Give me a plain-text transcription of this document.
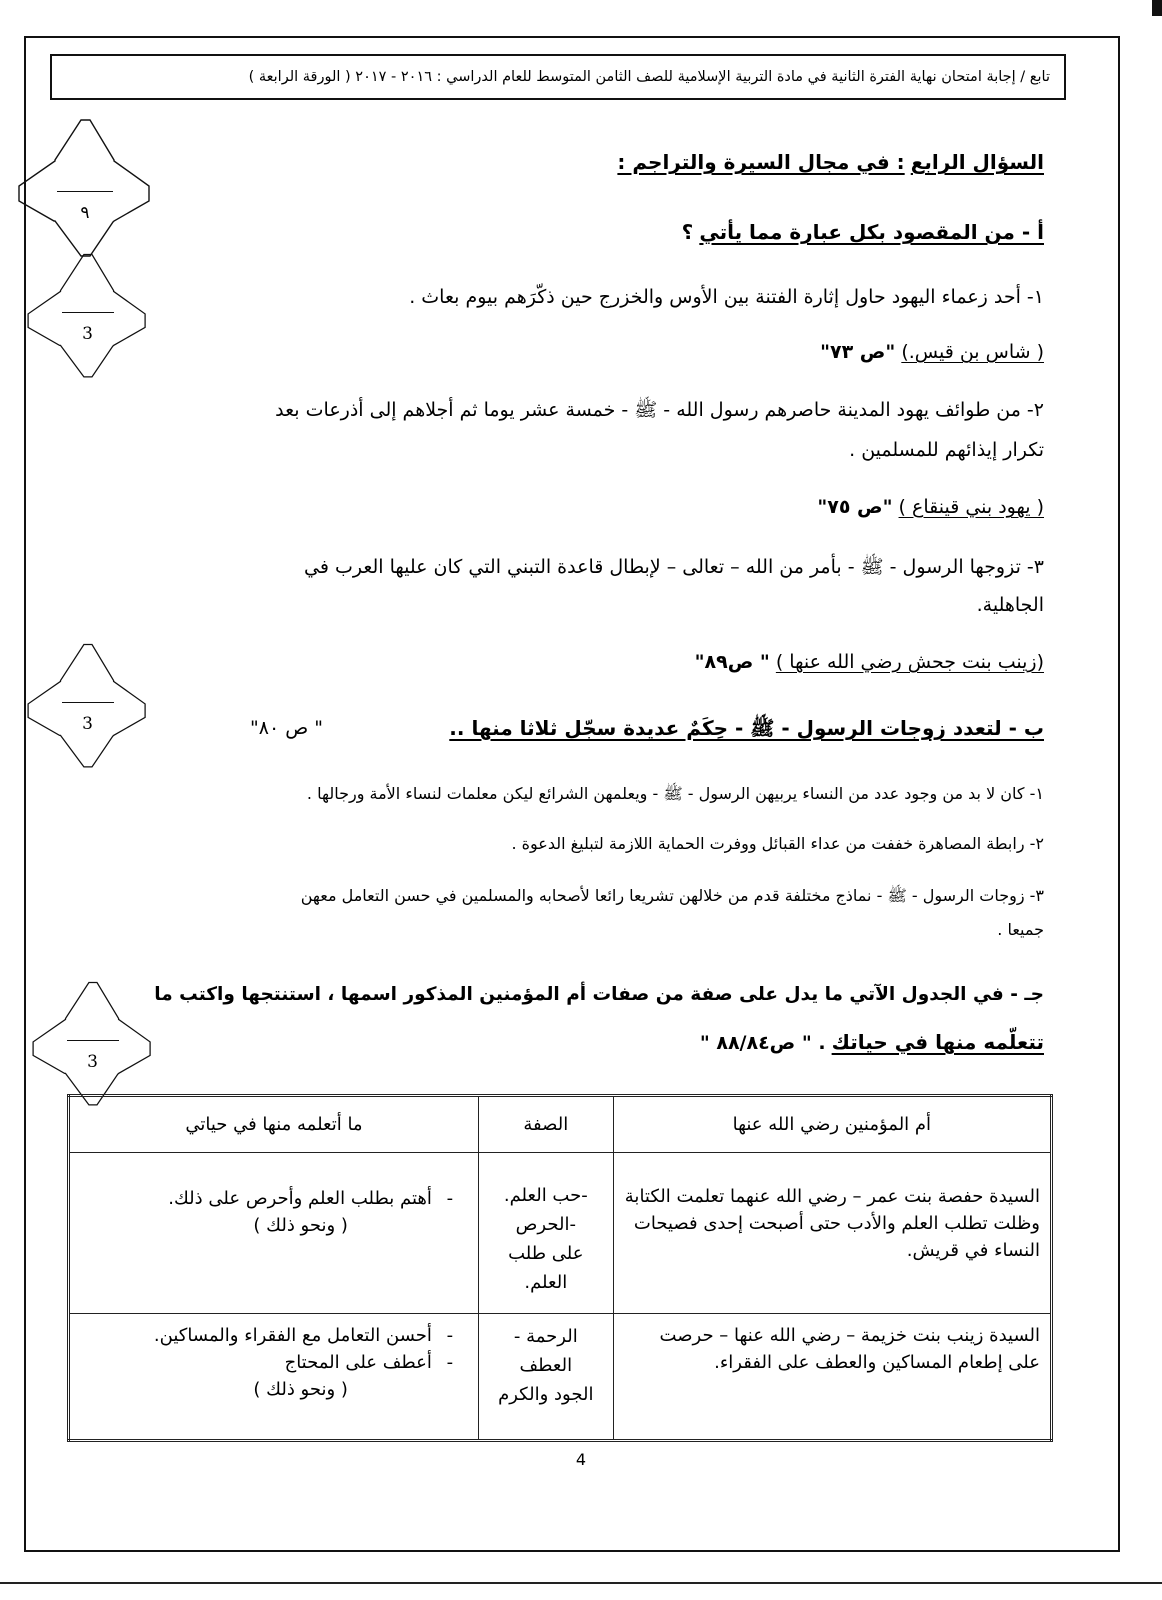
تابع / إجابة امتحان نهاية الفترة الثانية في مادة التربية الإسلامية للصف الثامن المتوسط للعام الدراسي : ٢٠١٦ - ٢٠١٧ ( الورقة الرابعة )
٩
3
3
3
السؤال الرابع : في مجال السيرة والتراجم :
أ - من المقصود بكل عبارة مما يأتي ؟
١- أحد زعماء اليهود حاول إثارة الفتنة بين الأوس والخزرج حين ذكّرَهم بيوم بعاث .
( شاس بن قيس.) "ص ٧٣"
٢- من طوائف يهود المدينة حاصرهم رسول الله - ﷺ - خمسة عشر يوما ثم أجلاهم إلى أذرعات بعد
تكرار إيذائهم للمسلمين .
( يهود بني قينقاع ) "ص ٧٥"
٣- تزوجها الرسول - ﷺ - بأمر من الله – تعالى – لإبطال قاعدة التبني التي كان عليها العرب في
الجاهلية.
(زينب بنت جحش رضي الله عنها ) " ص٨٩"
ب - لتعدد زوجات الرسول - ﷺ - حِكَمٌ عديدة سجّل ثلاثا منها ..
" ص ٨٠"
١- كان لا بد من وجود عدد من النساء يربيهن الرسول - ﷺ - ويعلمهن الشرائع ليكن معلمات لنساء الأمة ورجالها .
٢- رابطة المصاهرة خففت من عداء القبائل ووفرت الحماية اللازمة لتبليغ الدعوة .
٣- زوجات الرسول - ﷺ - نماذج مختلفة قدم من خلالهن تشريعا رائعا لأصحابه والمسلمين في حسن التعامل معهن
جميعا .
جـ - في الجدول الآتي ما يدل على صفة من صفات أم المؤمنين المذكور اسمها ، استنتجها واكتب ما
تتعلّمه منها في حياتك . " ص٨٨/٨٤ "
أم المؤمنين رضي الله عنها	الصفة	ما أتعلمه منها في حياتي
السيدة حفصة بنت عمر – رضي الله عنهما تعلمت الكتابة وظلت تطلب العلم والأدب حتى أصبحت إحدى فصيحات النساء في قريش.	-حب العلم.
-الحرص
على طلب
العلم.	-أهتم بطلب العلم وأحرص على ذلك.
( ونحو ذلك )

السيدة زينب بنت خزيمة – رضي الله عنها – حرصت على إطعام المساكين والعطف على الفقراء.	الرحمة -
العطف
الجود والكرم	-أحسن التعامل مع الفقراء والمساكين.
-أعطف على المحتاج
( ونحو ذلك )
4
